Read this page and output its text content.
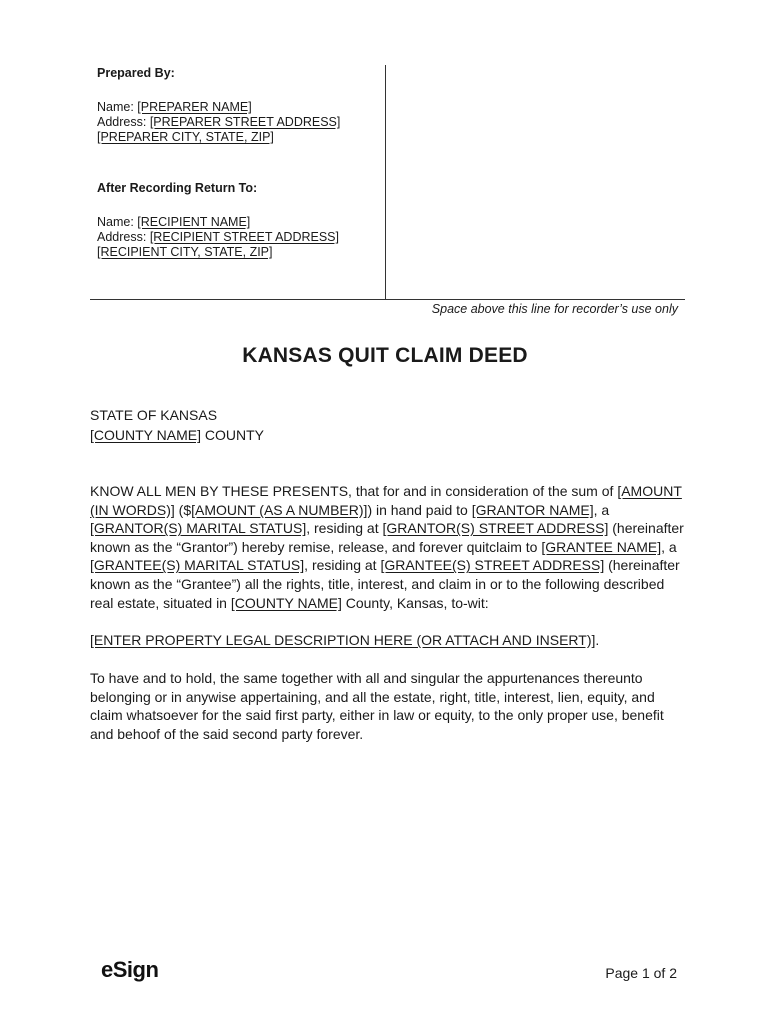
Prepared By:
Name: [PREPARER NAME]
Address: [PREPARER STREET ADDRESS]
[PREPARER CITY, STATE, ZIP]
After Recording Return To:
Name: [RECIPIENT NAME]
Address: [RECIPIENT STREET ADDRESS]
[RECIPIENT CITY, STATE, ZIP]
Space above this line for recorder’s use only
KANSAS QUIT CLAIM DEED
STATE OF KANSAS
[COUNTY NAME] COUNTY
KNOW ALL MEN BY THESE PRESENTS, that for and in consideration of the sum of [AMOUNT (IN WORDS)] ($[AMOUNT (AS A NUMBER)]) in hand paid to [GRANTOR NAME], a [GRANTOR(S) MARITAL STATUS], residing at [GRANTOR(S) STREET ADDRESS] (hereinafter known as the “Grantor”) hereby remise, release, and forever quitclaim to [GRANTEE NAME], a [GRANTEE(S) MARITAL STATUS], residing at [GRANTEE(S) STREET ADDRESS] (hereinafter known as the “Grantee”) all the rights, title, interest, and claim in or to the following described real estate, situated in [COUNTY NAME] County, Kansas, to-wit:
[ENTER PROPERTY LEGAL DESCRIPTION HERE (OR ATTACH AND INSERT)].
To have and to hold, the same together with all and singular the appurtenances thereunto belonging or in anywise appertaining, and all the estate, right, title, interest, lien, equity, and claim whatsoever for the said first party, either in law or equity, to the only proper use, benefit and behoof of the said second party forever.
eSign	Page 1 of 2
